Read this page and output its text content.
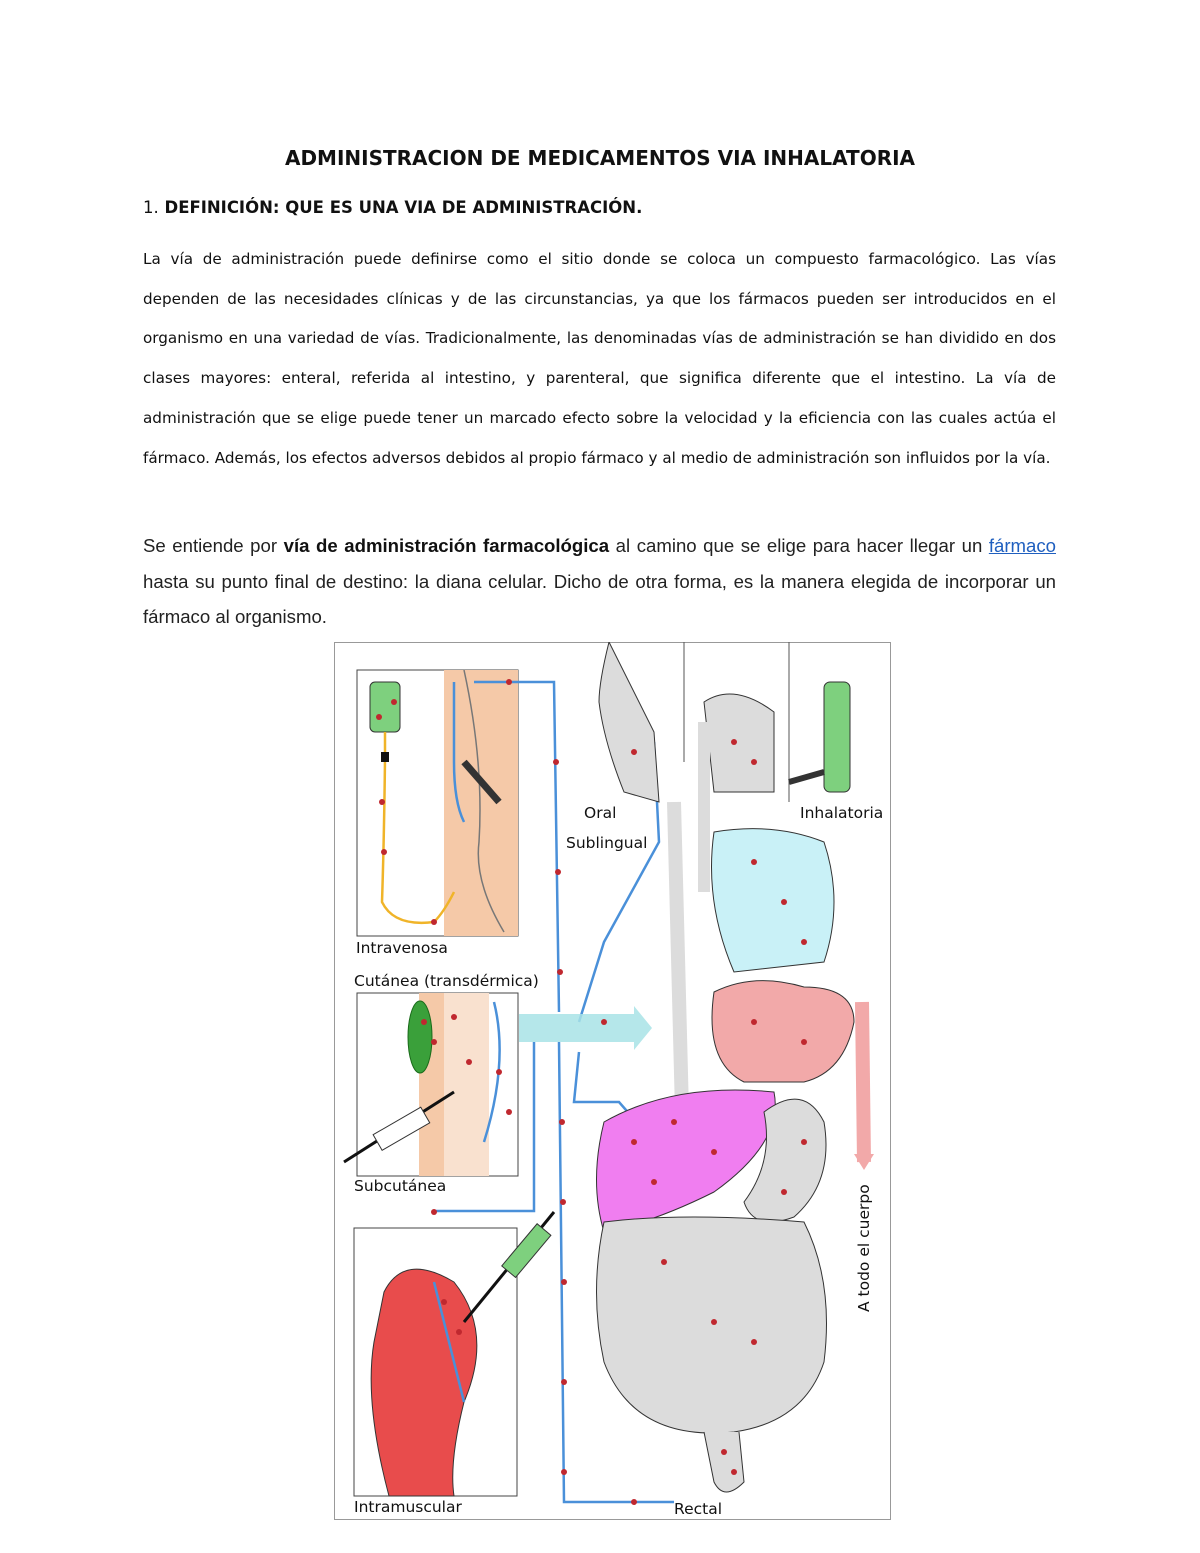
ADMINISTRACION DE MEDICAMENTOS VIA INHALATORIA
1. DEFINICIÓN: QUE ES UNA VIA DE ADMINISTRACIÓN.

La vía de administración puede definirse como el sitio donde se coloca un compuesto farmacológico. Las vías dependen de las necesidades clínicas y de las circunstancias, ya que los fármacos pueden ser introducidos en el organismo en una variedad de vías. Tradicionalmente, las denominadas vías de administración se han dividido en dos clases mayores: enteral, referida al intestino, y parenteral, que significa diferente que el intestino. La vía de administración que se elige puede tener un marcado efecto sobre la velocidad y la eficiencia con las cuales actúa el fármaco. Además, los efectos adversos debidos al propio fármaco y al medio de administración son influidos por la vía.

Se entiende por vía de administración farmacológica al camino que se elige para hacer llegar un fármaco hasta su punto final de destino: la diana celular. Dicho de otra forma, es la manera elegida de incorporar un fármaco al organismo.

Intravenosa
Cutánea (transdérmica)
Subcutánea
Intramuscular
Oral
Sublingual
Inhalatoria
A todo el cuerpo
Rectal
